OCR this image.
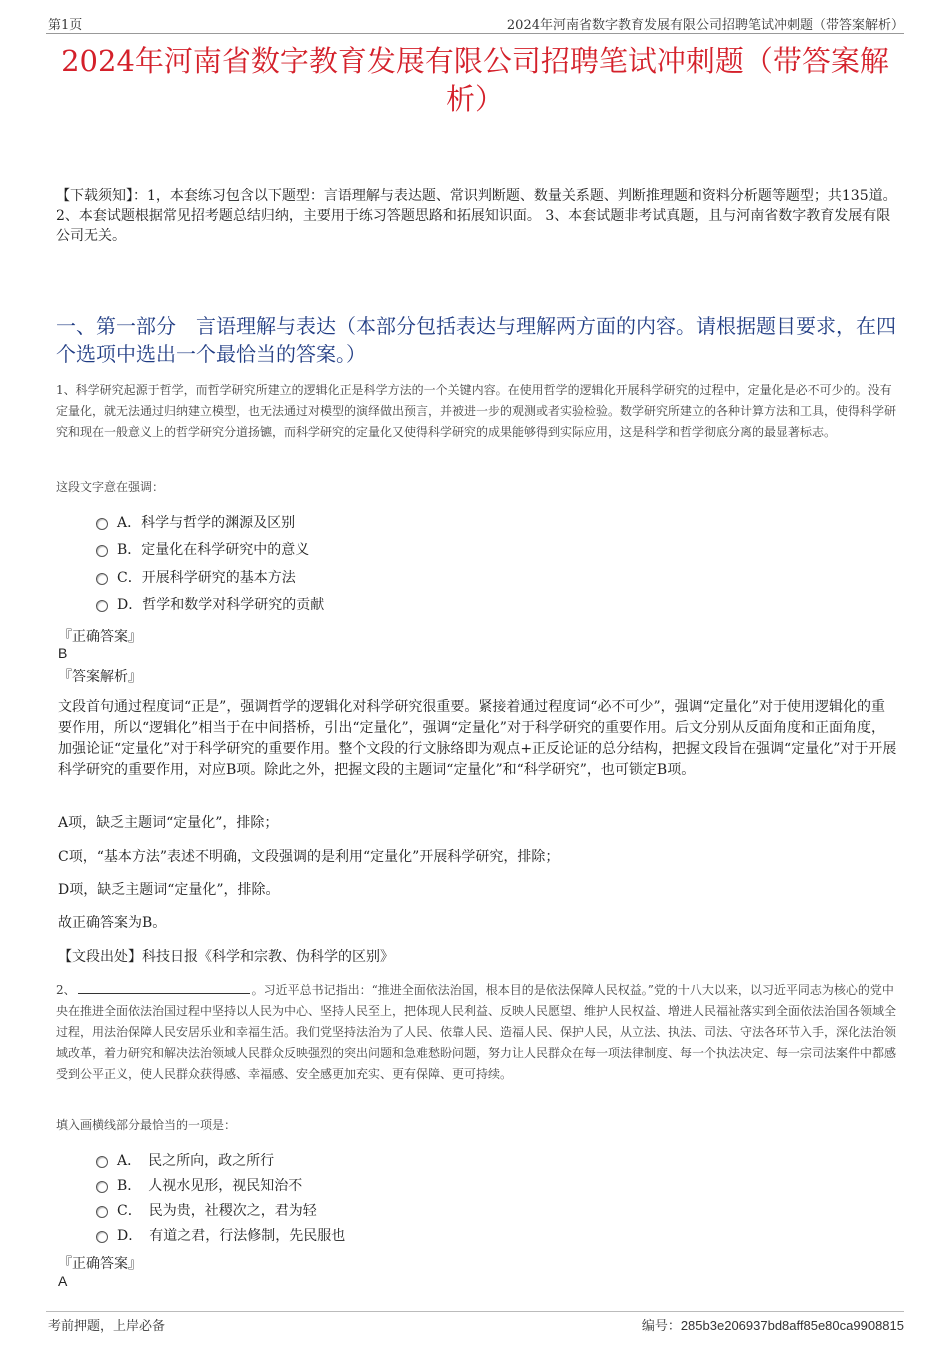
第1页	2024年河南省数字教育发展有限公司招聘笔试冲刺题（带答案解析）
2024年河南省数字教育发展有限公司招聘笔试冲刺题（带答案解析）
【下载须知】：1，本套练习包含以下题型：言语理解与表达题、常识判断题、数量关系题、判断推理题和资料分析题等题型；共135道。 2、本套试题根据常见招考题总结归纳，主要用于练习答题思路和拓展知识面。 3、本套试题非考试真题，且与河南省数字教育发展有限公司无关。
一、第一部分　言语理解与表达（本部分包括表达与理解两方面的内容。请根据题目要求，在四个选项中选出一个最恰当的答案。）
1、科学研究起源于哲学，而哲学研究所建立的逻辑化正是科学方法的一个关键内容。在使用哲学的逻辑化开展科学研究的过程中，定量化是必不可少的。没有定量化，就无法通过归纳建立模型，也无法通过对模型的演绎做出预言，并被进一步的观测或者实验检验。数学研究所建立的各种计算方法和工具，使得科学研究和现在一般意义上的哲学研究分道扬镳，而科学研究的定量化又使得科学研究的成果能够得到实际应用，这是科学和哲学彻底分离的最显著标志。
这段文字意在强调：
A．科学与哲学的渊源及区别
B．定量化在科学研究中的意义
C．开展科学研究的基本方法
D．哲学和数学对科学研究的贡献
『正确答案』
B
『答案解析』
文段首句通过程度词“正是”，强调哲学的逻辑化对科学研究很重要。紧接着通过程度词“必不可少”，强调“定量化”对于使用逻辑化的重要作用，所以“逻辑化”相当于在中间搭桥，引出“定量化”，强调“定量化”对于科学研究的重要作用。后文分别从反面角度和正面角度，加强论证“定量化”对于科学研究的重要作用。整个文段的行文脉络即为观点+正反论证的总分结构，把握文段旨在强调“定量化”对于开展科学研究的重要作用，对应B项。除此之外，把握文段的主题词“定量化”和“科学研究”，也可锁定B项。
A项，缺乏主题词“定量化”，排除；
C项，“基本方法”表述不明确，文段强调的是利用“定量化”开展科学研究，排除；
D项，缺乏主题词“定量化”，排除。
故正确答案为B。
【文段出处】科技日报《科学和宗教、伪科学的区别》
2、	。习近平总书记指出：“推进全面依法治国，根本目的是依法保障人民权益。”党的十八大以来，以习近平同志为核心的党中央在推进全面依法治国过程中坚持以人民为中心、坚持人民至上，把体现人民利益、反映人民愿望、维护人民权益、增进人民福祉落实到全面依法治国各领域全过程，用法治保障人民安居乐业和幸福生活。我们党坚持法治为了人民、依靠人民、造福人民、保护人民，从立法、执法、司法、守法各环节入手，深化法治领域改革，着力研究和解决法治领域人民群众反映强烈的突出问题和急难愁盼问题，努力让人民群众在每一项法律制度、每一个执法决定、每一宗司法案件中都感受到公平正义，使人民群众获得感、幸福感、安全感更加充实、更有保障、更可持续。
填入画横线部分最恰当的一项是：
A．　民之所向，政之所行
B．　人视水见形，视民知治不
C．　民为贵，社稷次之，君为轻
D．　有道之君，行法修制，先民服也
『正确答案』
A
考前押题，上岸必备	编号：285b3e206937bd8aff85e80ca9908815
